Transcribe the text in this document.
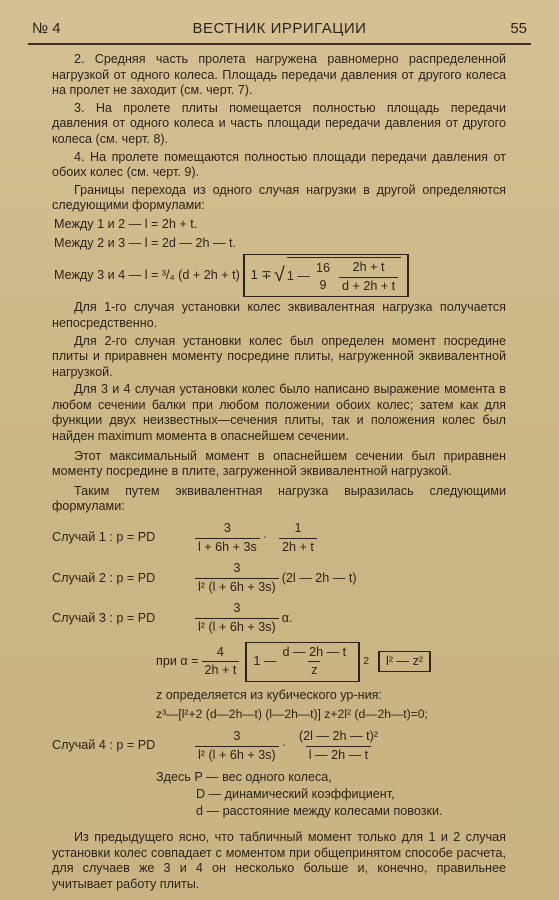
№ 4	ВЕСТНИК ИРРИГАЦИИ	55

2. Средняя часть пролета нагружена равномерно распределенной нагрузкой от одного колеса. Площадь передачи давления от другого колеса на пролет не заходит (см. черт. 7).

3. На пролете плиты помещается полностью площадь передачи давления от одного колеса и часть площади передачи давления от другого колеса (см. черт. 8).

4. На пролете помещаются полностью площади передачи давления от обоих колес (см. черт. 9).

Границы перехода из одного случая нагрузки в другой определяются следующими формулами:

Между 1 и 2 — l = 2h + t.
Между 2 и 3 — l = 2d — 2h — t.
Между 3 и 4 — l = ³/₄ (d + 2h + t) 1 ∓ √ 1 —
16
$9 \frac{2h + t}{d + 2h + t}$

Для 1-го случая установки колес эквивалентная нагрузка получается непосредственно.

Для 2-го случая установки колес был определен момент посредине плиты и приравнен моменту посредине плиты, нагруженной эквивалентной нагрузкой.

Для 3 и 4 случая установки колес было написано выражение момента в любом сечении балки при любом положении обоих колес; затем как для функции двух неизвестных—сечения плиты, так и положения колес был найден maximum момента в опаснейшем сечении.

Этот максимальный момент в опаснейшем сечении был приравнен моменту посредине в плите, загруженной эквивалентной нагрузкой.

Таким путем эквивалентная нагрузка выразилась следующими формулами:

Случай 1 : p = PD	$\frac{3}{l + 6h + 3s} \cdot \frac{1}{2h + t}$
Случай 2 : p = PD	$\frac{3}{\text{l² (l + 6h + 3s)}} (2l$ — 2h — t)
Случай 3 : p = PD	$\frac{3}{\text{l² (l + 6h + 3s)}} \alpha$.
при $\alpha = \frac{4}{2h + t} 1$ — $\frac{d — 2h — t}{z} 2$	l² — z²
z определяется из кубического ур-ния:
z³—[l²+2 (d—2h—t) (l—2h—t)] z+2l² (d—2h—t)=0;
Случай 4 : p = PD	$\frac{3}{\text{l² (l + 6h + 3s)}} \cdot \frac{\text{(2l — 2h — t)²}}{l — 2h — t}$
Здесь P — вес одного колеса,
D — динамический коэффициент,
d — расстояние между колесами повозки.

Из предыдущего ясно, что табличный момент только для 1 и 2 случая установки колес совпадает с моментом при общепринятом способе расчета, для случаев же 3 и 4 он несколько больше и, конечно, правильнее учитывает работу плиты.
